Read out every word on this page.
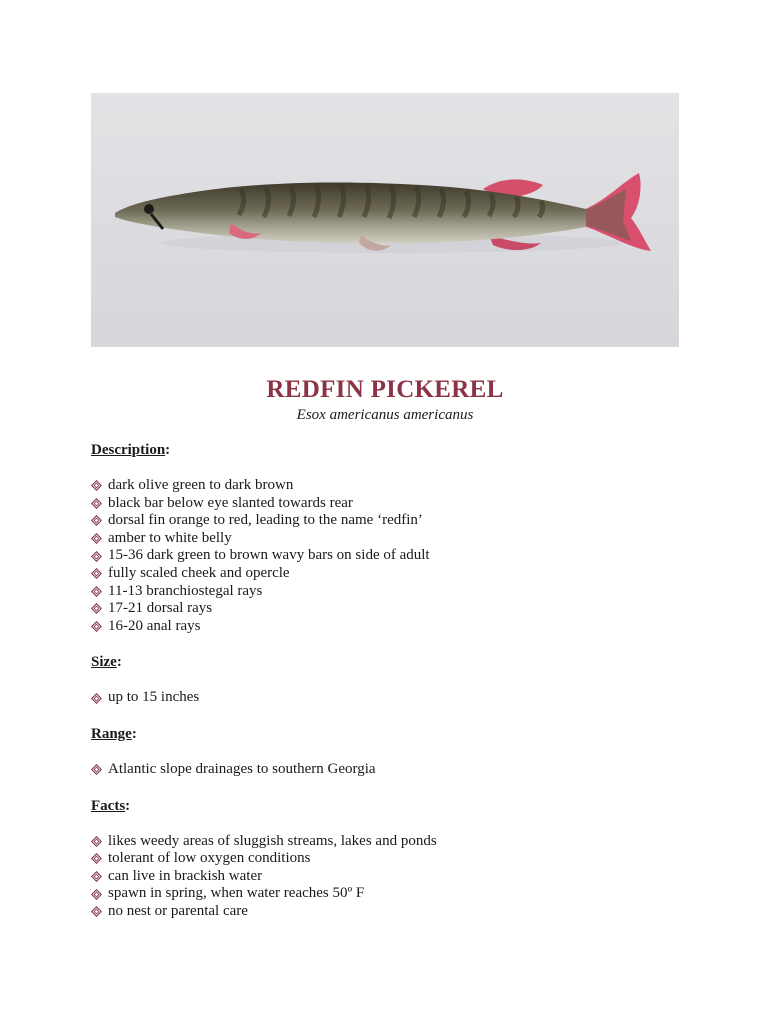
REDFIN PICKEREL
Esox americanus americanus

Description:

dark olive green to dark brown
black bar below eye slanted towards rear
dorsal fin orange to red, leading to the name ‘redfin’
amber to white belly
15-36 dark green to brown wavy bars on side of adult
fully scaled cheek and opercle
11-13 branchiostegal rays
17-21 dorsal rays
16-20 anal rays

Size:

up to 15 inches

Range:

Atlantic slope drainages to southern Georgia

Facts:

likes weedy areas of sluggish streams, lakes and ponds
tolerant of low oxygen conditions
can live in brackish water
spawn in spring, when water reaches 50º F
no nest or parental care
